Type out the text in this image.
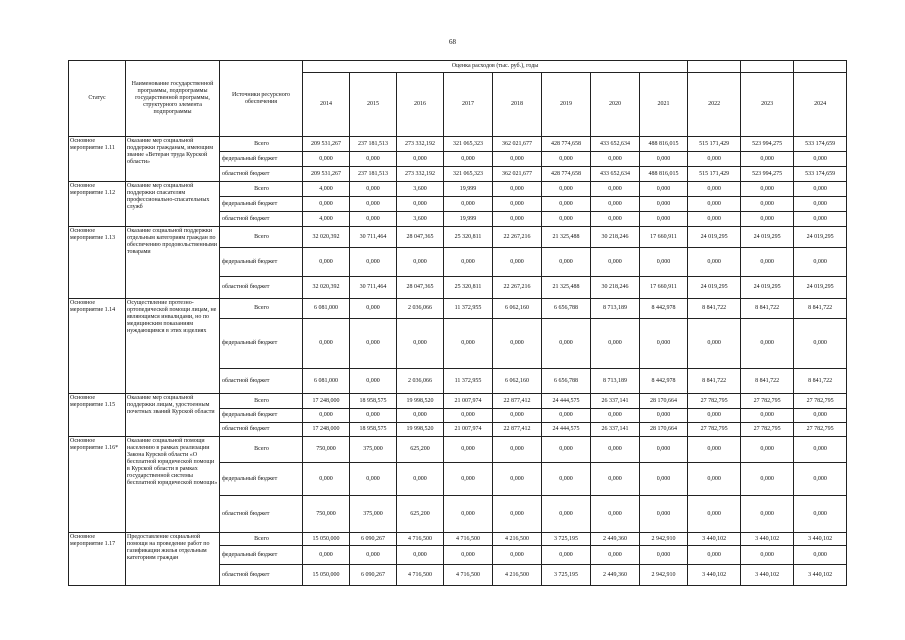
68
Статус	Наименование государственной программы, подпрограммы государственной программы, структурного элемента подпрограммы	Источники ресурсного обеспечения	Оценка расходов (тыс. руб.), годы										
			2014	2015	2016	2017	2018	2019	2020	2021	2022	2023	2024
Основное мероприятие 1.11	Оказание мер социальной поддержки гражданам, имеющим звание «Ветеран труда Курской области»	Всего	209 531,267	237 181,513	273 332,192	321 065,323	362 021,677	428 774,658	433 652,634	488 816,015	515 171,429	523 994,275	533 174,659
		федеральный бюджет	0,000	0,000	0,000	0,000	0,000	0,000	0,000	0,000	0,000	0,000	0,000
		областной бюджет	209 531,267	237 181,513	273 332,192	321 065,323	362 021,677	428 774,658	433 652,634	488 816,015	515 171,429	523 994,275	533 174,659
Основное мероприятие 1.12	Оказание мер социальной поддержки спасателям профессионально-спасательных служб	Всего	4,000	0,000	3,600	19,999	0,000	0,000	0,000	0,000	0,000	0,000	0,000
		федеральный бюджет	0,000	0,000	0,000	0,000	0,000	0,000	0,000	0,000	0,000	0,000	0,000
		областной бюджет	4,000	0,000	3,600	19,999	0,000	0,000	0,000	0,000	0,000	0,000	0,000
Основное мероприятие 1.13	Оказание социальной поддержки отдельным категориям граждан по обеспечению продовольственными товарами	Всего	32 020,392	30 711,464	28 047,365	25 320,811	22 267,216	21 325,488	30 218,246	17 660,911	24 019,295	24 019,295	24 019,295
		федеральный бюджет	0,000	0,000	0,000	0,000	0,000	0,000	0,000	0,000	0,000	0,000	0,000
		областной бюджет	32 020,392	30 711,464	28 047,365	25 320,811	22 267,216	21 325,488	30 218,246	17 660,911	24 019,295	24 019,295	24 019,295
Основное мероприятие 1.14	Осуществление протезно-ортопедической помощи лицам, не являющимся инвалидами, но по медицинским показаниям нуждающимся в этих изделиях	Всего	6 081,000	0,000	2 036,066	11 372,955	6 062,160	6 656,788	8 713,189	8 442,978	8 841,722	8 841,722	8 841,722
		федеральный бюджет	0,000	0,000	0,000	0,000	0,000	0,000	0,000	0,000	0,000	0,000	0,000
		областной бюджет	6 081,000	0,000	2 036,066	11 372,955	6 062,160	6 656,788	8 713,189	8 442,978	8 841,722	8 841,722	8 841,722
Основное мероприятие 1.15	Оказание мер социальной поддержки лицам, удостоенным почетных званий Курской области	Всего	17 248,000	18 958,575	19 998,520	21 007,974	22 877,412	24 444,575	26 337,141	28 170,664	27 782,795	27 782,795	27 782,795
		федеральный бюджет	0,000	0,000	0,000	0,000	0,000	0,000	0,000	0,000	0,000	0,000	0,000
		областной бюджет	17 248,000	18 958,575	19 998,520	21 007,974	22 877,412	24 444,575	26 337,141	28 170,664	27 782,795	27 782,795	27 782,795
Основное мероприятие 1.16*	Оказание социальной помощи населению в рамках реализации Закона Курской области «О бесплатной юридической помощи в Курской области в рамках государственной системы бесплатной юридической помощи»	Всего	750,000	375,000	625,200	0,000	0,000	0,000	0,000	0,000	0,000	0,000	0,000
		федеральный бюджет	0,000	0,000	0,000	0,000	0,000	0,000	0,000	0,000	0,000	0,000	0,000
		областной бюджет	750,000	375,000	625,200	0,000	0,000	0,000	0,000	0,000	0,000	0,000	0,000
Основное мероприятие 1.17	Предоставление социальной помощи на проведение работ по газификации жилья отдельным категориям граждан	Всего	15 050,000	6 090,267	4 716,500	4 716,500	4 216,500	3 725,195	2 449,360	2 942,910	3 440,102	3 440,102	3 440,102
		федеральный бюджет	0,000	0,000	0,000	0,000	0,000	0,000	0,000	0,000	0,000	0,000	0,000
		областной бюджет	15 050,000	6 090,267	4 716,500	4 716,500	4 216,500	3 725,195	2 449,360	2 942,910	3 440,102	3 440,102	3 440,102
